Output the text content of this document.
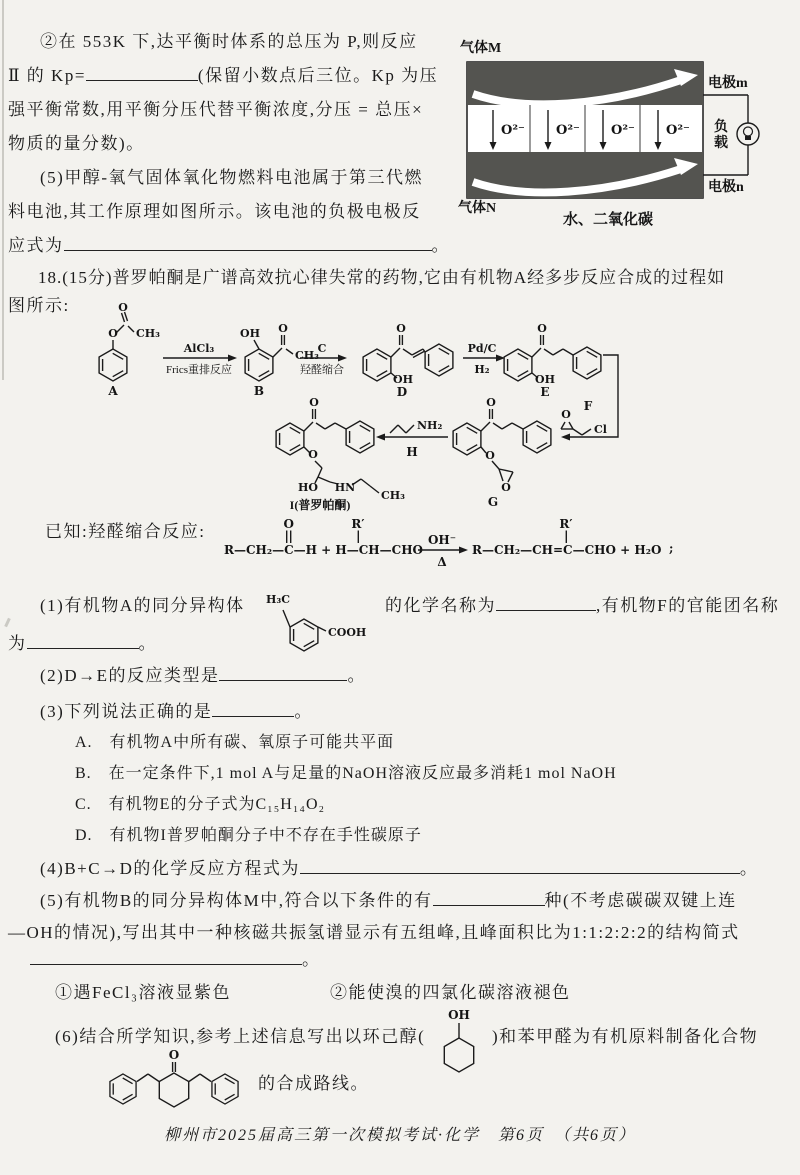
②在 553K 下,达平衡时体系的总压为 P,则反应
Ⅱ 的 Kp=	(保留小数点后三位。Kp 为压
强平衡常数,用平衡分压代替平衡浓度,分压 = 总压×
物质的量分数)。
(5)甲醇-氧气固体氧化物燃料电池属于第三代燃
料电池,其工作原理如图所示。该电池的负极电极反
应式为	。
气体M
O²⁻ O²⁻ O²⁻ O²⁻
电极m
负
载
电极n
气体N
水、二氧化碳
18.(15分)普罗帕酮是广谱高效抗心律失常的药物,它由有机物A经多步反应合成的过程如
图所示:
O
O
CH₃
A
AlCl₃
Frics重排反应
OH O
CH₃
B
C
羟醛缩合
O
OH
D
Pd/C
H₂
O
OH
E
O
Cl
F
O
O
O
G
NH₂
H
O
O
HO HN
CH₃
I(普罗帕酮)
已知:羟醛缩合反应:
R—CH₂—C—H + H—CH—CHO
O	R′
OH⁻
Δ
R—CH₂—CH=C—CHO + H₂O
R′
;
(1)有机物A的同分异构体 H₃C
COOH
的化学名称为	,有机物F的官能团名称
为	。
(2)D→E的反应类型是	。
(3)下列说法正确的是	。
A.　有机物A中所有碳、氧原子可能共平面
B.　在一定条件下,1 mol A与足量的NaOH溶液反应最多消耗1 mol NaOH
C.　有机物E的分子式为C₁₅H₁₄O₂
D.　有机物I普罗帕酮分子中不存在手性碳原子
(4)B+C→D的化学反应方程式为	。
(5)有机物B的同分异构体M中,符合以下条件的有	种(不考虑碳碳双键上连
—OH的情况),写出其中一种核磁共振氢谱显示有五组峰,且峰面积比为1:1:2:2:2的结构简式
。
①遇FeCl₃溶液显紫色	②能使溴的四氯化碳溶液褪色
(6)结合所学知识,参考上述信息写出以环己醇(
OH
)和苯甲醛为有机原料制备化合物
O
的合成路线。
柳州市2025届高三第一次模拟考试·化学　第6页　（共6页）
